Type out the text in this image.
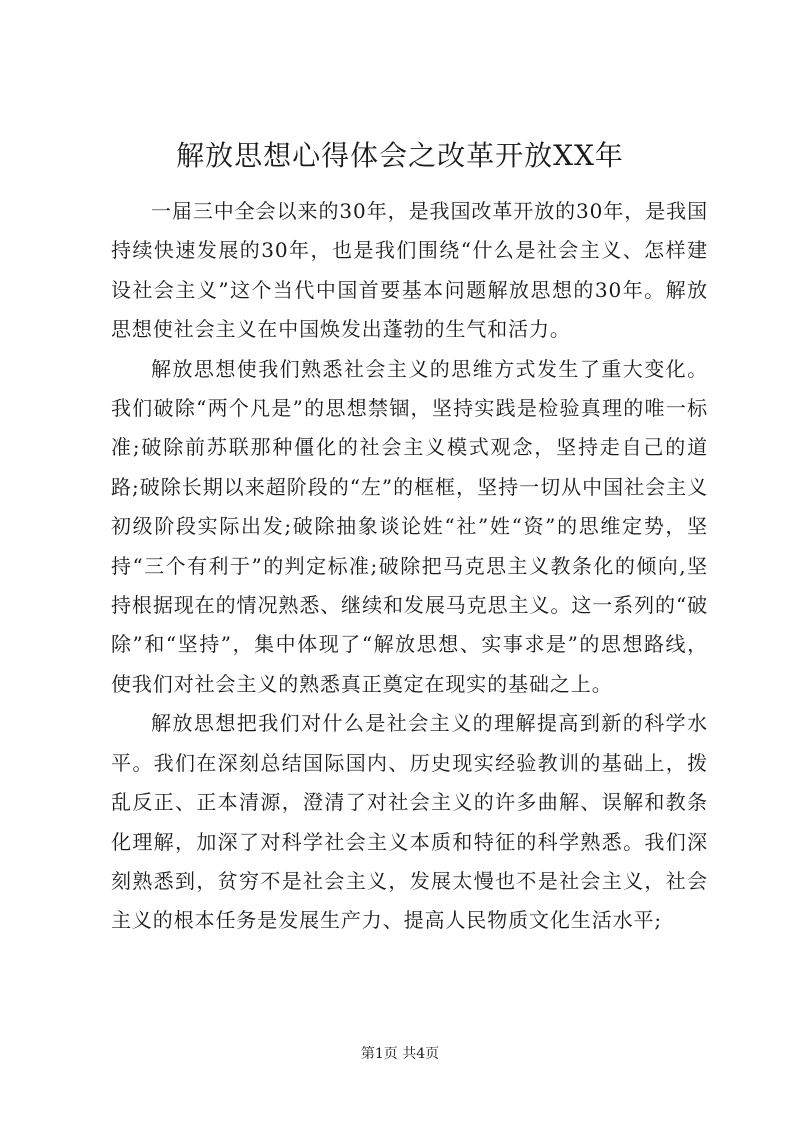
解放思想心得体会之改革开放XX年

一届三中全会以来的30年，是我国改革开放的30年，是我国持续快速发展的30年，也是我们围绕“什么是社会主义、怎样建设社会主义”这个当代中国首要基本问题解放思想的30年。解放思想使社会主义在中国焕发出蓬勃的生气和活力。

解放思想使我们熟悉社会主义的思维方式发生了重大变化。我们破除“两个凡是”的思想禁锢，坚持实践是检验真理的唯一标准;破除前苏联那种僵化的社会主义模式观念，坚持走自己的道路;破除长期以来超阶段的“左”的框框，坚持一切从中国社会主义初级阶段实际出发;破除抽象谈论姓“社”姓“资”的思维定势，坚持“三个有利于”的判定标准;破除把马克思主义教条化的倾向,坚持根据现在的情况熟悉、继续和发展马克思主义。这一系列的“破除”和“坚持”，集中体现了“解放思想、实事求是”的思想路线，使我们对社会主义的熟悉真正奠定在现实的基础之上。

解放思想把我们对什么是社会主义的理解提高到新的科学水平。我们在深刻总结国际国内、历史现实经验教训的基础上，拨乱反正、正本清源，澄清了对社会主义的许多曲解、误解和教条化理解，加深了对科学社会主义本质和特征的科学熟悉。我们深刻熟悉到，贫穷不是社会主义，发展太慢也不是社会主义，社会主义的根本任务是发展生产力、提高人民物质文化生活水平;

第1页 共4页
